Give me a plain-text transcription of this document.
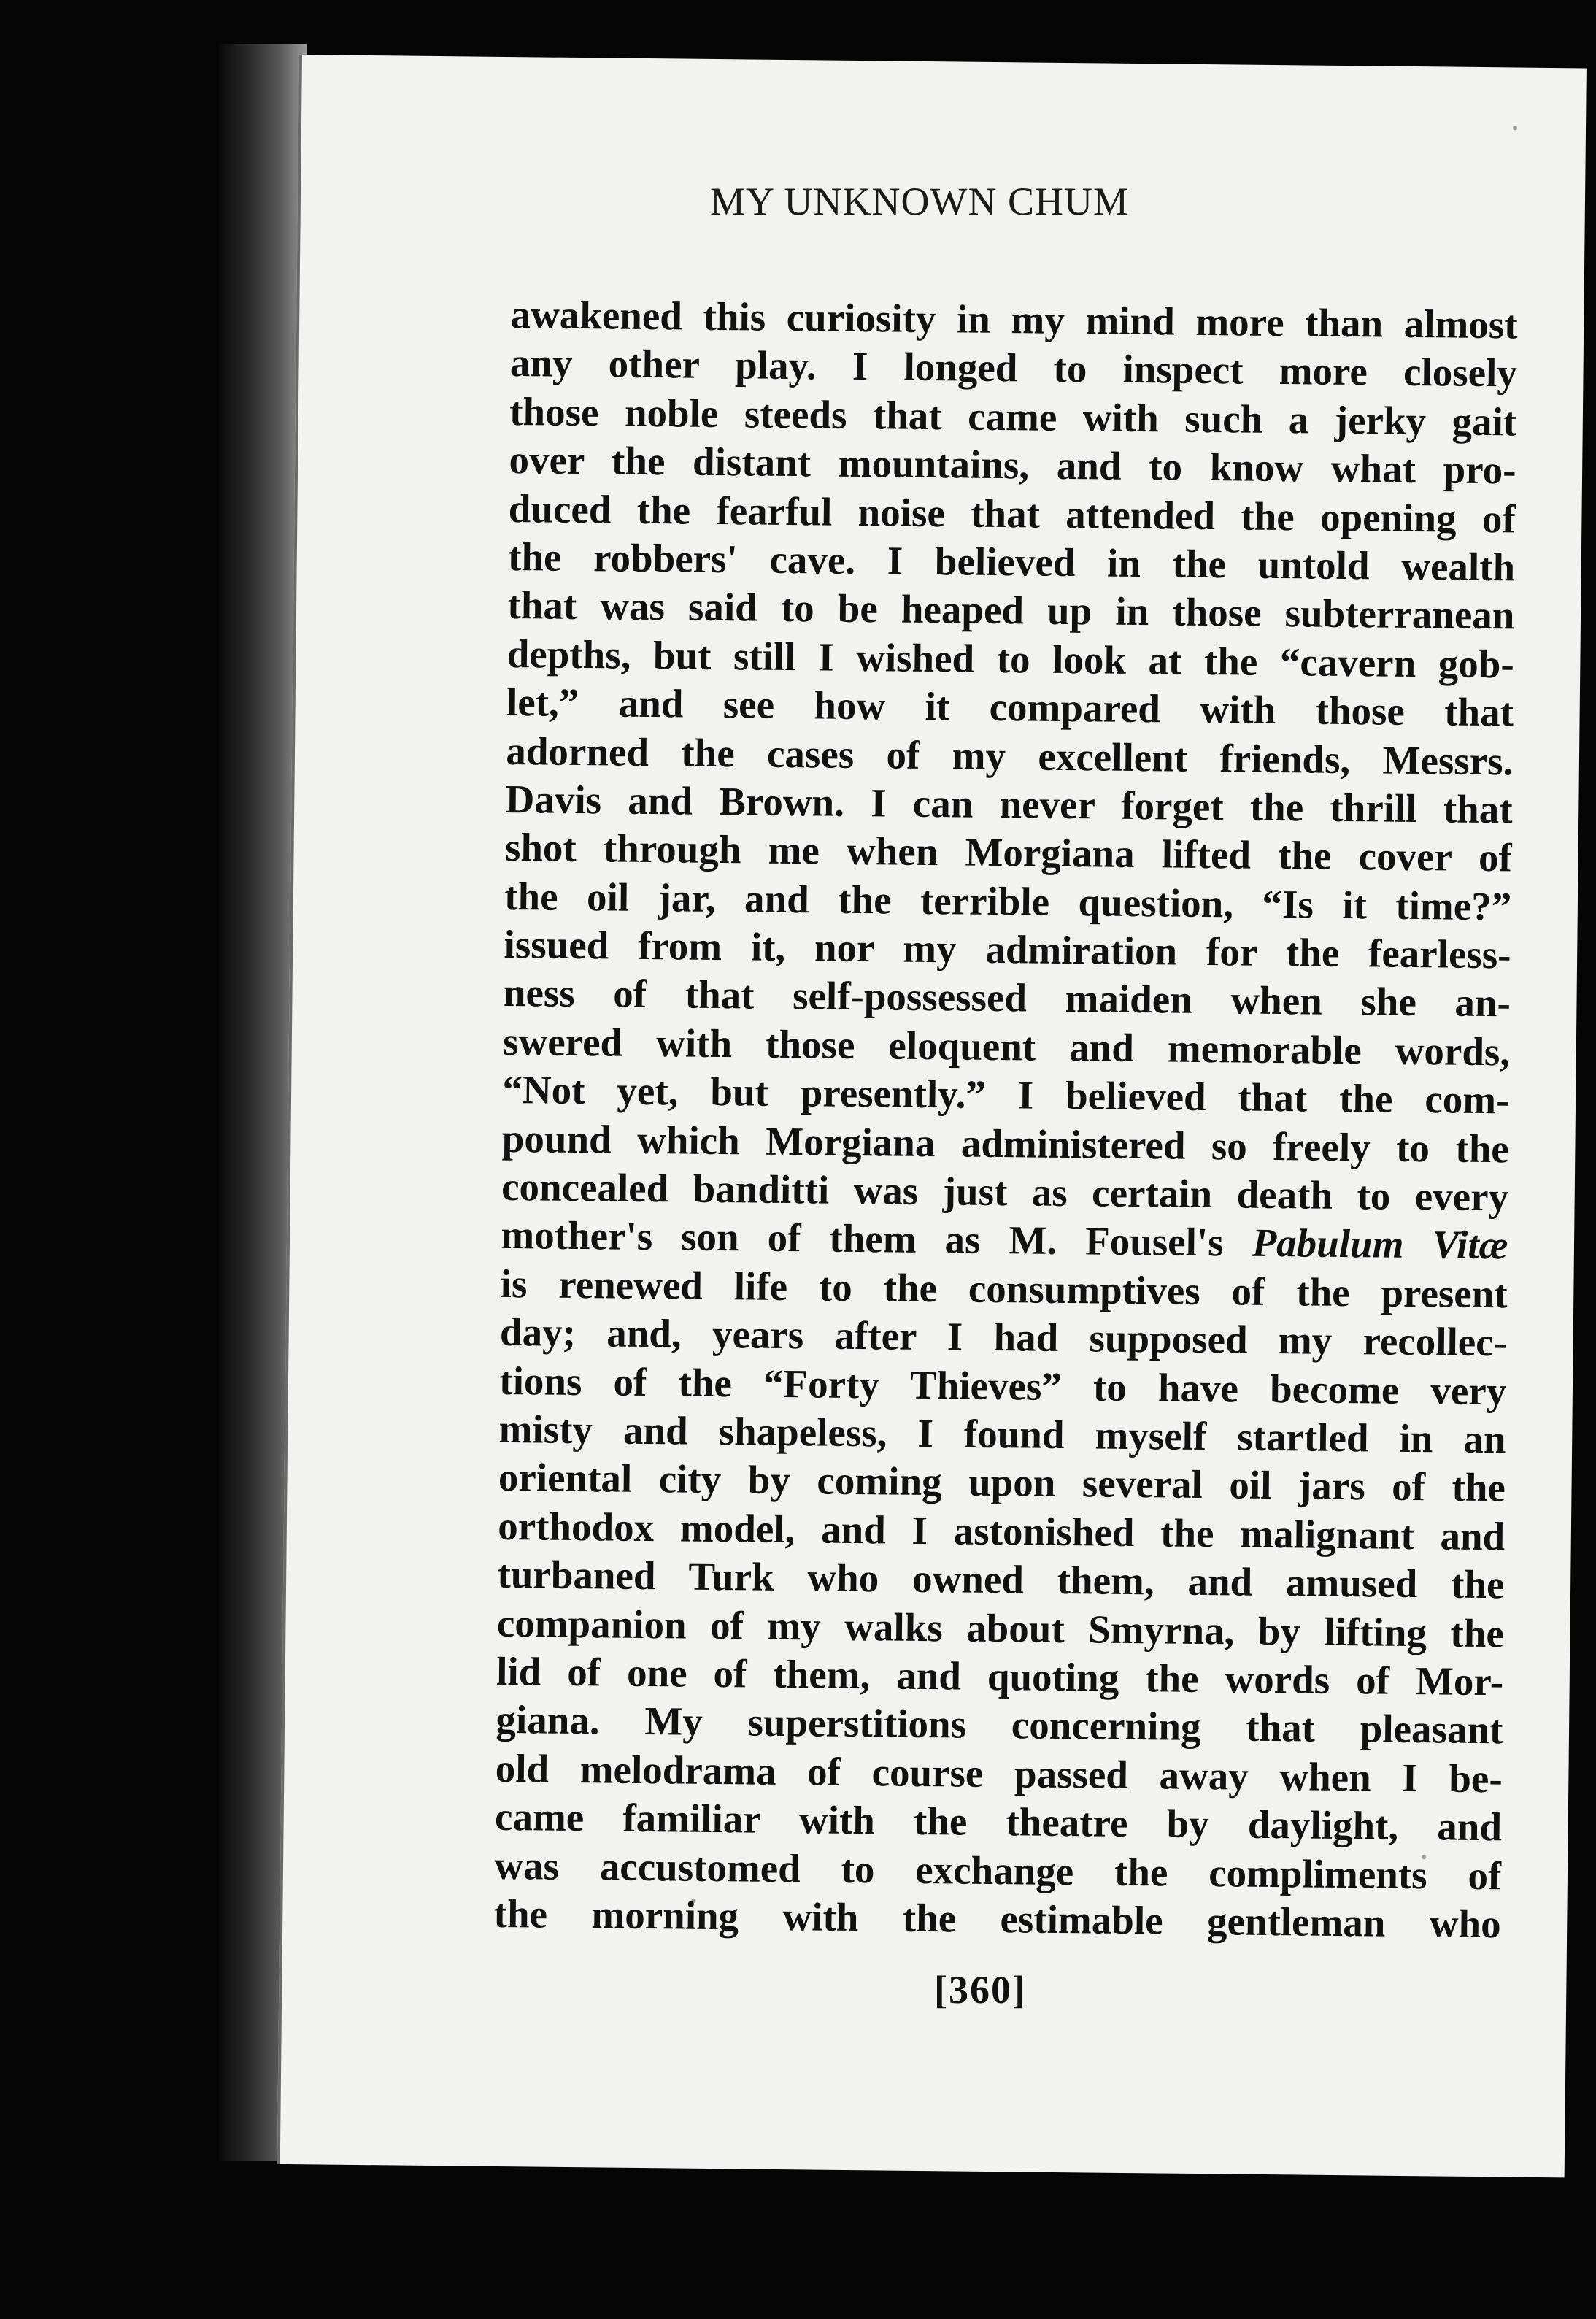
MY UNKNOWN CHUM
awakened this curiosity in my mind more than almost
any other play. I longed to inspect more closely
those noble steeds that came with such a jerky gait
over the distant mountains, and to know what pro-
duced the fearful noise that attended the opening of
the robbers' cave. I believed in the untold wealth
that was said to be heaped up in those subterranean
depths, but still I wished to look at the “cavern gob-
let,” and see how it compared with those that
adorned the cases of my excellent friends, Messrs.
Davis and Brown. I can never forget the thrill that
shot through me when Morgiana lifted the cover of
the oil jar, and the terrible question, “Is it time?”
issued from it, nor my admiration for the fearless-
ness of that self-possessed maiden when she an-
swered with those eloquent and memorable words,
“Not yet, but presently.” I believed that the com-
pound which Morgiana administered so freely to the
concealed banditti was just as certain death to every
mother's son of them as M. Fousel's Pabulum Vitæ
is renewed life to the consumptives of the present
day; and, years after I had supposed my recollec-
tions of the “Forty Thieves” to have become very
misty and shapeless, I found myself startled in an
oriental city by coming upon several oil jars of the
orthodox model, and I astonished the malignant and
turbaned Turk who owned them, and amused the
companion of my walks about Smyrna, by lifting the
lid of one of them, and quoting the words of Mor-
giana. My superstitions concerning that pleasant
old melodrama of course passed away when I be-
came familiar with the theatre by daylight, and
was accustomed to exchange the compliments of
the morning with the estimable gentleman who
[360]
